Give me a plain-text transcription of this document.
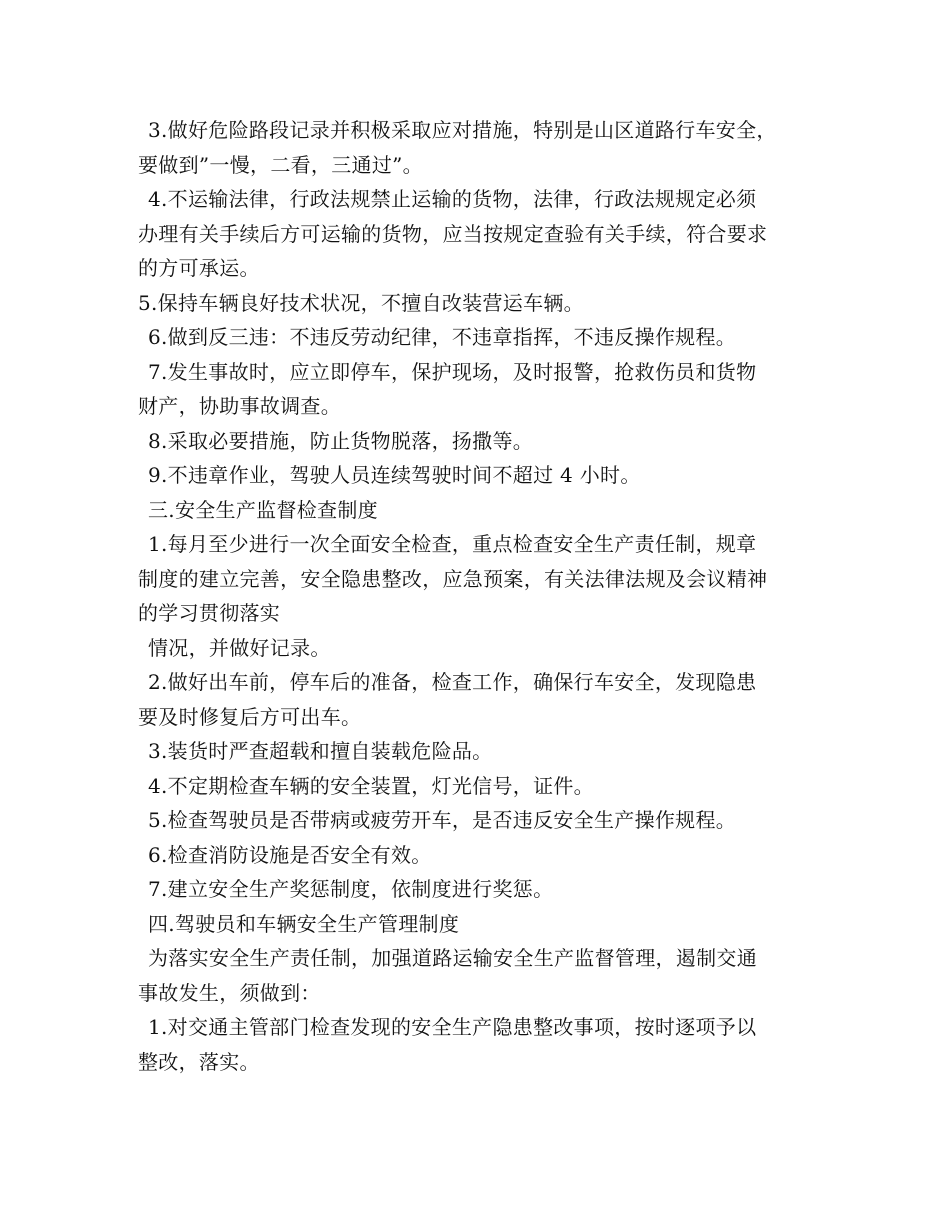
3.做好危险路段记录并积极采取应对措施，特别是山区道路行车安全，
要做到”一慢，二看，三通过”。
4.不运输法律，行政法规禁止运输的货物，法律，行政法规规定必须
办理有关手续后方可运输的货物，应当按规定查验有关手续，符合要求
的方可承运。
5.保持车辆良好技术状况，不擅自改装营运车辆。
6.做到反三违：不违反劳动纪律，不违章指挥，不违反操作规程。
7.发生事故时，应立即停车，保护现场，及时报警，抢救伤员和货物
财产，协助事故调查。
8.采取必要措施，防止货物脱落，扬撒等。
9.不违章作业，驾驶人员连续驾驶时间不超过 4 小时。
三.安全生产监督检查制度
1.每月至少进行一次全面安全检查，重点检查安全生产责任制，规章
制度的建立完善，安全隐患整改，应急预案，有关法律法规及会议精神
的学习贯彻落实
情况，并做好记录。
2.做好出车前，停车后的准备，检查工作，确保行车安全，发现隐患
要及时修复后方可出车。
3.装货时严查超载和擅自装载危险品。
4.不定期检查车辆的安全装置，灯光信号，证件。
5.检查驾驶员是否带病或疲劳开车，是否违反安全生产操作规程。
6.检查消防设施是否安全有效。
7.建立安全生产奖惩制度，依制度进行奖惩。
四.驾驶员和车辆安全生产管理制度
为落实安全生产责任制，加强道路运输安全生产监督管理，遏制交通
事故发生，须做到：
1.对交通主管部门检查发现的安全生产隐患整改事项，按时逐项予以
整改，落实。
